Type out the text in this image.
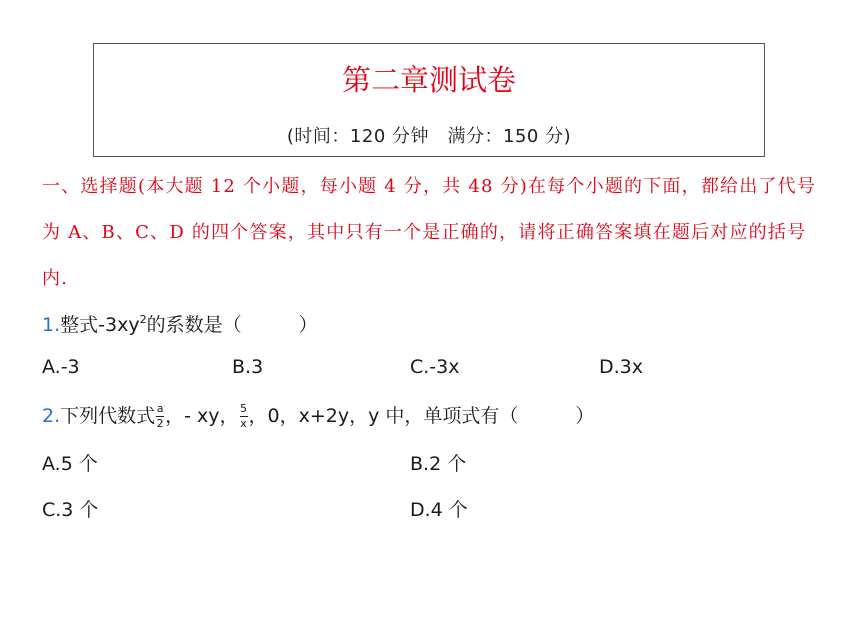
第二章测试卷
(时间：120 分钟　满分：150 分)
一、选择题(本大题 12 个小题，每小题 4 分，共 48 分)在每个小题的下面，都给出了代号为 A、B、C、D 的四个答案，其中只有一个是正确的，请将正确答案填在题后对应的括号内.
1.整式$-3xy^2$的系数是（　　　）
A.-3	B.3	C.-3x	D.3x
2.下列代数式 $\frac{a}{2}$ ，- xy， $\frac{5}{x}$ ，0，x+2y，y 中，单项式有（　　　）
A.5 个	B.2 个
C.3 个	D.4 个
